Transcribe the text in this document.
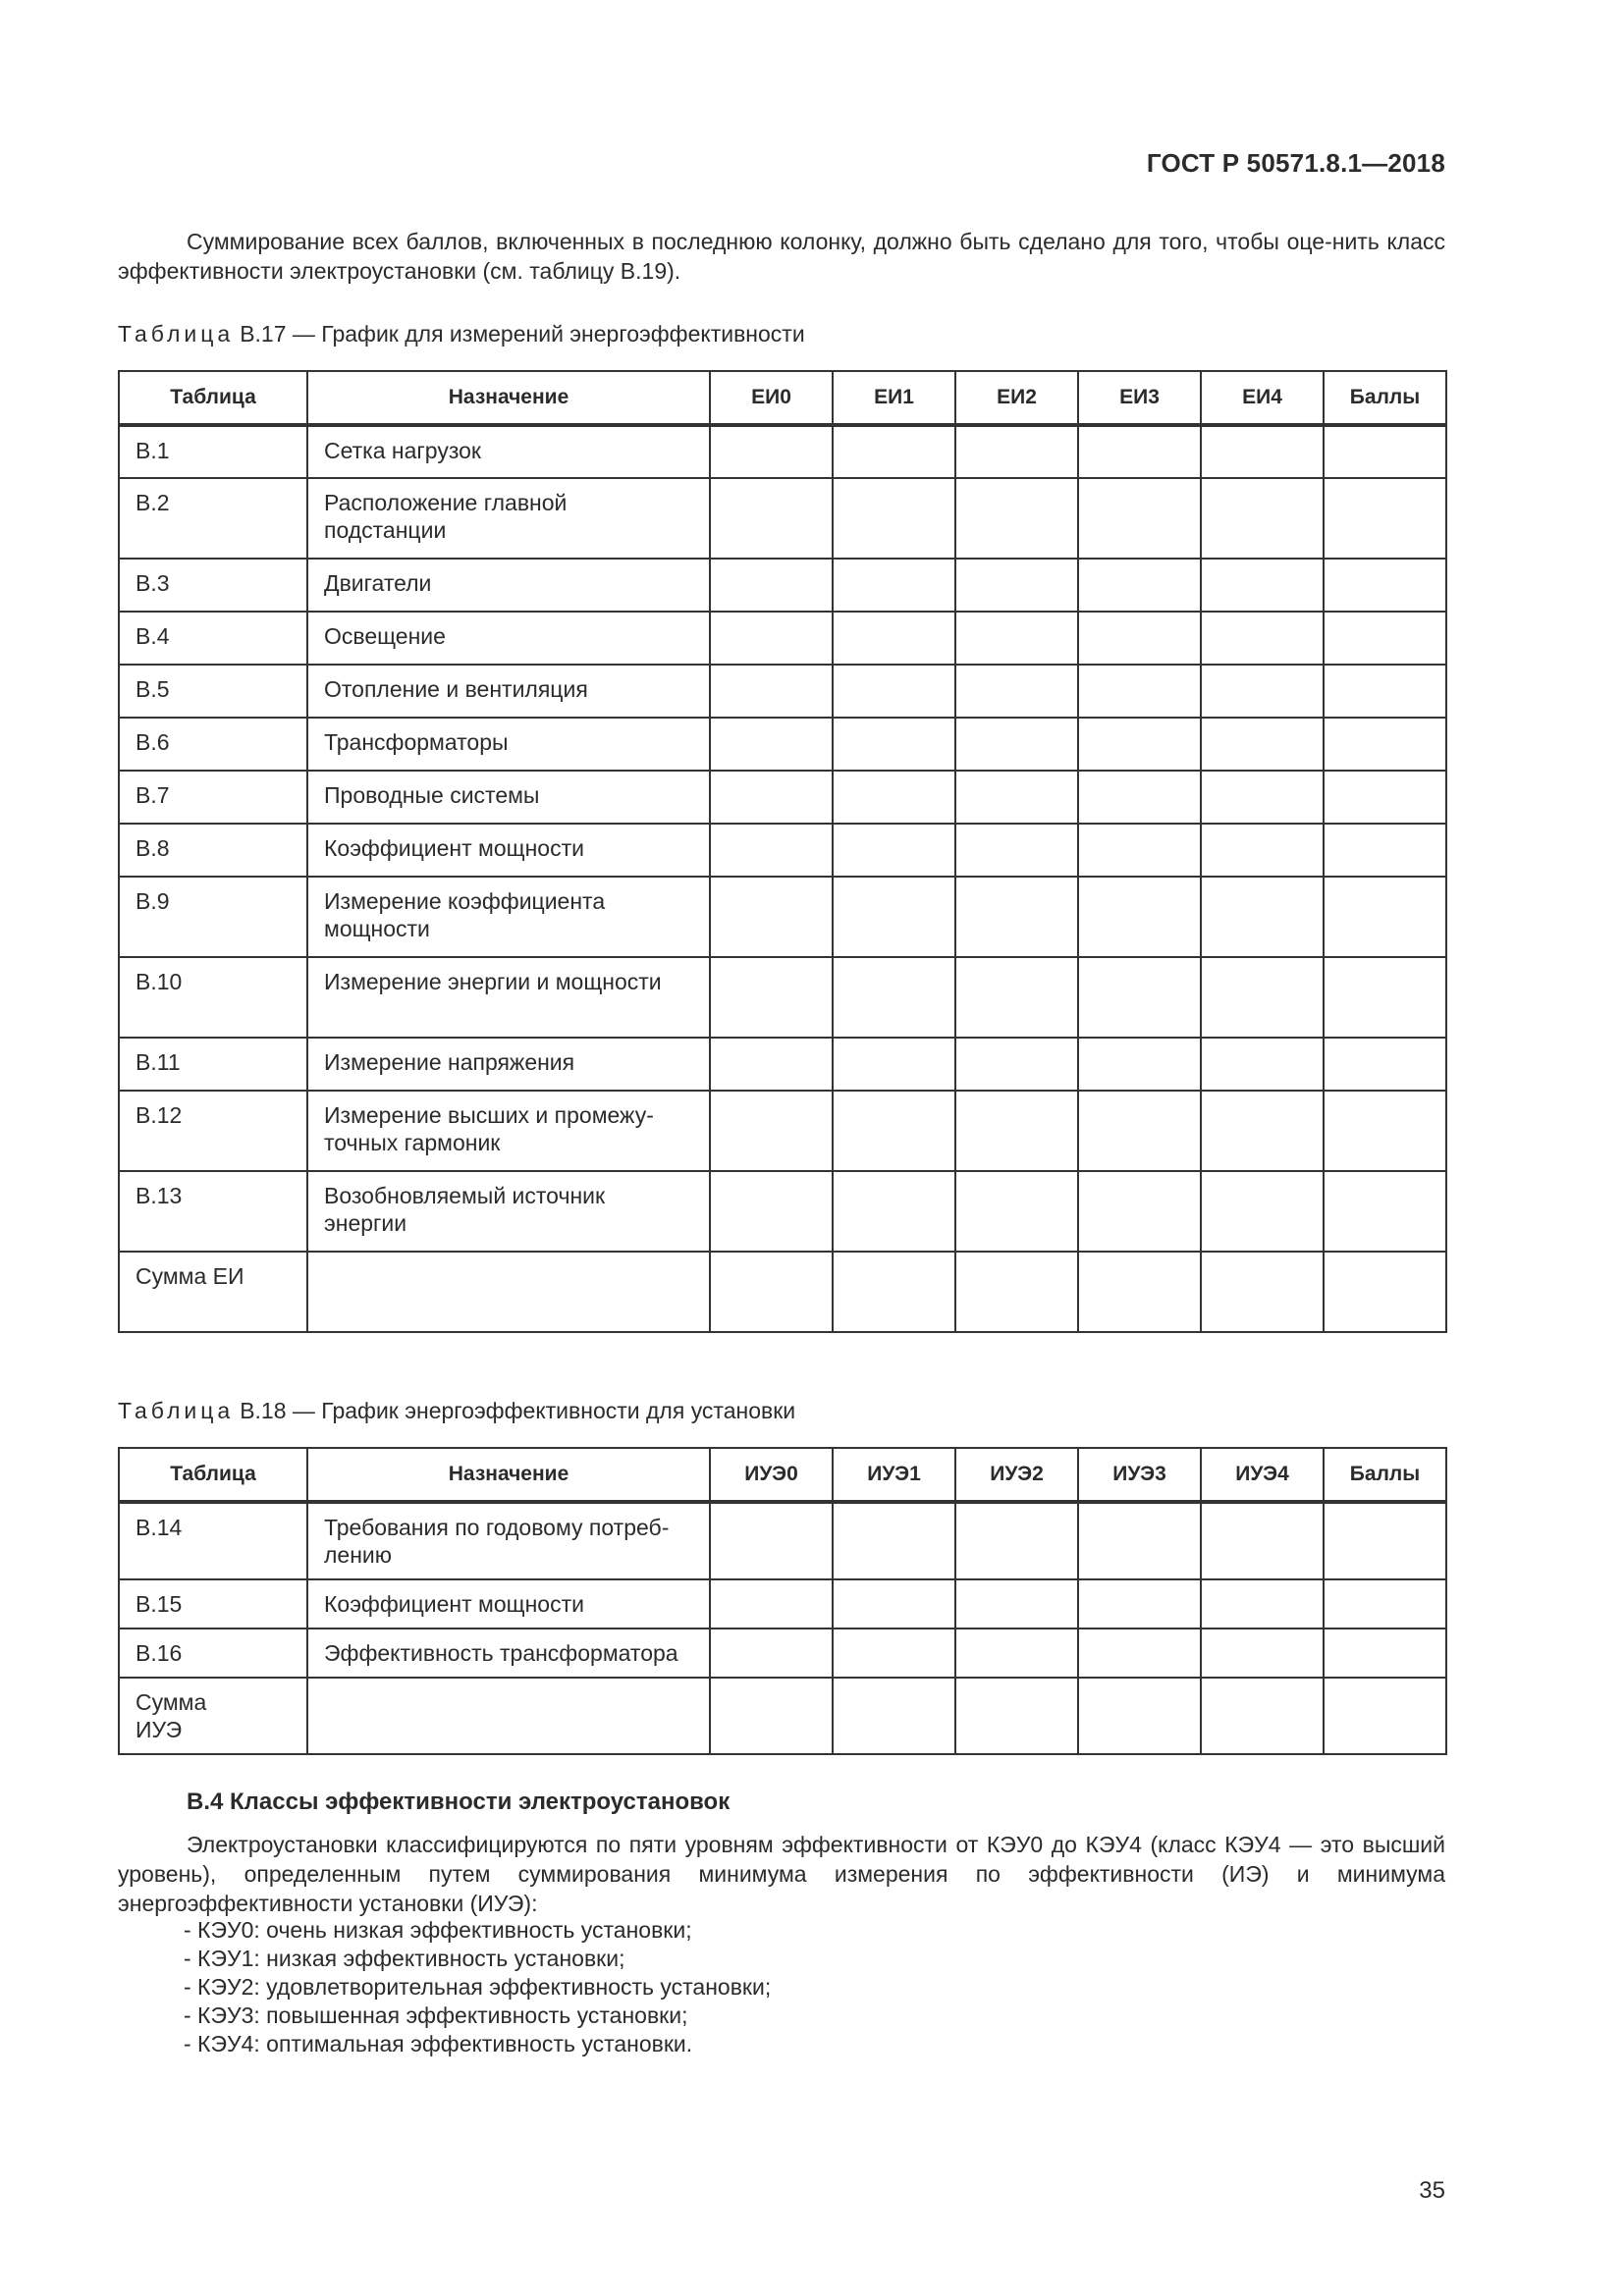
ГОСТ Р 50571.8.1—2018
Суммирование всех баллов, включенных в последнюю колонку, должно быть сделано для того, чтобы оце-нить класс эффективности электроустановки (см. таблицу В.19).
Таблица В.17 — График для измерений энергоэффективности
Таблица	Назначение	ЕИ0	ЕИ1	ЕИ2	ЕИ3	ЕИ4	Баллы
В.1	Сетка нагрузок						
В.2	Расположение главной подстанции						
В.3	Двигатели						
В.4	Освещение						
В.5	Отопление и вентиляция						
В.6	Трансформаторы						
В.7	Проводные системы						
В.8	Коэффициент мощности						
В.9	Измерение коэффициента мощности						
В.10	Измерение энергии и мощности						
В.11	Измерение напряжения						
В.12	Измерение высших и промежу-точных гармоник						
В.13	Возобновляемый источник энергии						
Сумма ЕИ							
Таблица В.18 — График энергоэффективности для установки
Таблица	Назначение	ИУЭ0	ИУЭ1	ИУЭ2	ИУЭ3	ИУЭ4	Баллы
В.14	Требования по годовому потреб-лению						
В.15	Коэффициент мощности						
В.16	Эффективность трансформатора						
Сумма ИУЭ							
В.4 Классы эффективности электроустановок
Электроустановки классифицируются по пяти уровням эффективности от КЭУ0 до КЭУ4 (класс КЭУ4 — это высший уровень), определенным путем суммирования минимума измерения по эффективности (ИЭ) и минимума энергоэффективности установки (ИУЭ):
- КЭУ0: очень низкая эффективность установки;
- КЭУ1: низкая эффективность установки;
- КЭУ2: удовлетворительная эффективность установки;
- КЭУ3: повышенная эффективность установки;
- КЭУ4: оптимальная эффективность установки.
35
